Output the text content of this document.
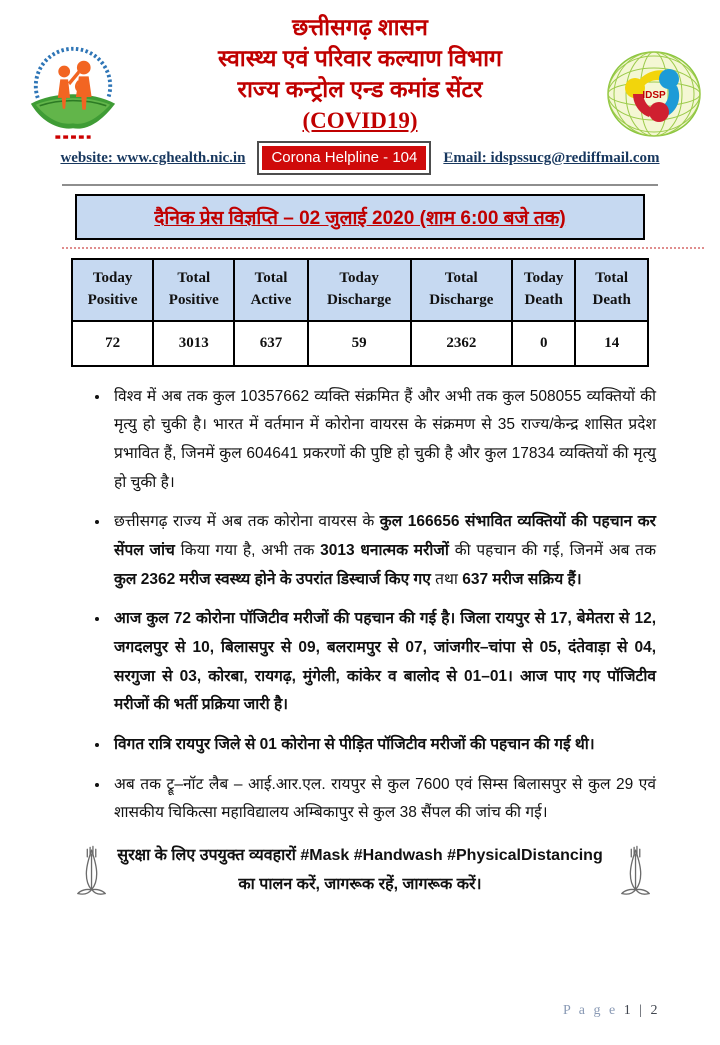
IDSP
छत्तीसगढ़ शासन
स्वास्थ्य एवं परिवार कल्याण विभाग
राज्य कन्ट्रोल एन्ड कमांड सेंटर
(COVID19)
website: www.cghealth.nic.in	Corona Helpline - 104	Email: idspssucg@rediffmail.com
दैनिक प्रेस विज्ञप्ति – 02 जुलाई 2020 (शाम 6:00 बजे तक)
Today Positive	Total Positive	Total Active	Today Discharge	Total Discharge	Today Death	Total Death
72	3013	637	59	2362	0	14
• विश्व में अब तक कुल 10357662 व्यक्ति संक्रमित हैं और अभी तक कुल 508055 व्यक्तियों की मृत्यु हो चुकी है। भारत में वर्तमान में कोरोना वायरस के संक्रमण से 35 राज्य/केन्द्र शासित प्रदेश प्रभावित हैं, जिनमें कुल 604641 प्रकरणों की पुष्टि हो चुकी है और कुल 17834 व्यक्तियों की मृत्यु हो चुकी है।
• छत्तीसगढ़ राज्य में अब तक कोरोना वायरस के कुल 166656 संभावित व्यक्तियों की पहचान कर सेंपल जांच किया गया है, अभी तक 3013 धनात्मक मरीजों की पहचान की गई, जिनमें अब तक कुल 2362 मरीज स्वस्थ्य होने के उपरांत डिस्चार्ज किए गए तथा 637 मरीज सक्रिय हैं।
• आज कुल 72 कोरोना पॉजिटीव मरीजों की पहचान की गई है। जिला रायपुर से 17, बेमेतरा से 12, जगदलपुर से 10, बिलासपुर से 09, बलरामपुर से 07, जांजगीर–चांपा से 05, दंतेवाड़ा से 04, सरगुजा से 03, कोरबा, रायगढ़, मुंगेली, कांकेर व बालोद से 01–01। आज पाए गए पॉजिटीव मरीजों की भर्ती प्रक्रिया जारी है।
• विगत रात्रि रायपुर जिले से 01 कोरोना से पीड़ित पॉजिटीव मरीजों की पहचान की गई थी।
• अब तक ट्रू–नॉट लैब – आई.आर.एल. रायपुर से कुल 7600 एवं सिम्स बिलासपुर से कुल 29 एवं शासकीय चिकित्सा महाविद्यालय अम्बिकापुर से कुल 38 सैंपल की जांच की गई।
सुरक्षा के लिए उपयुक्त व्यवहारों #Mask #Handwash #PhysicalDistancing का पालन करें, जागरूक रहें, जागरूक करें।
P a g e 1 | 2
